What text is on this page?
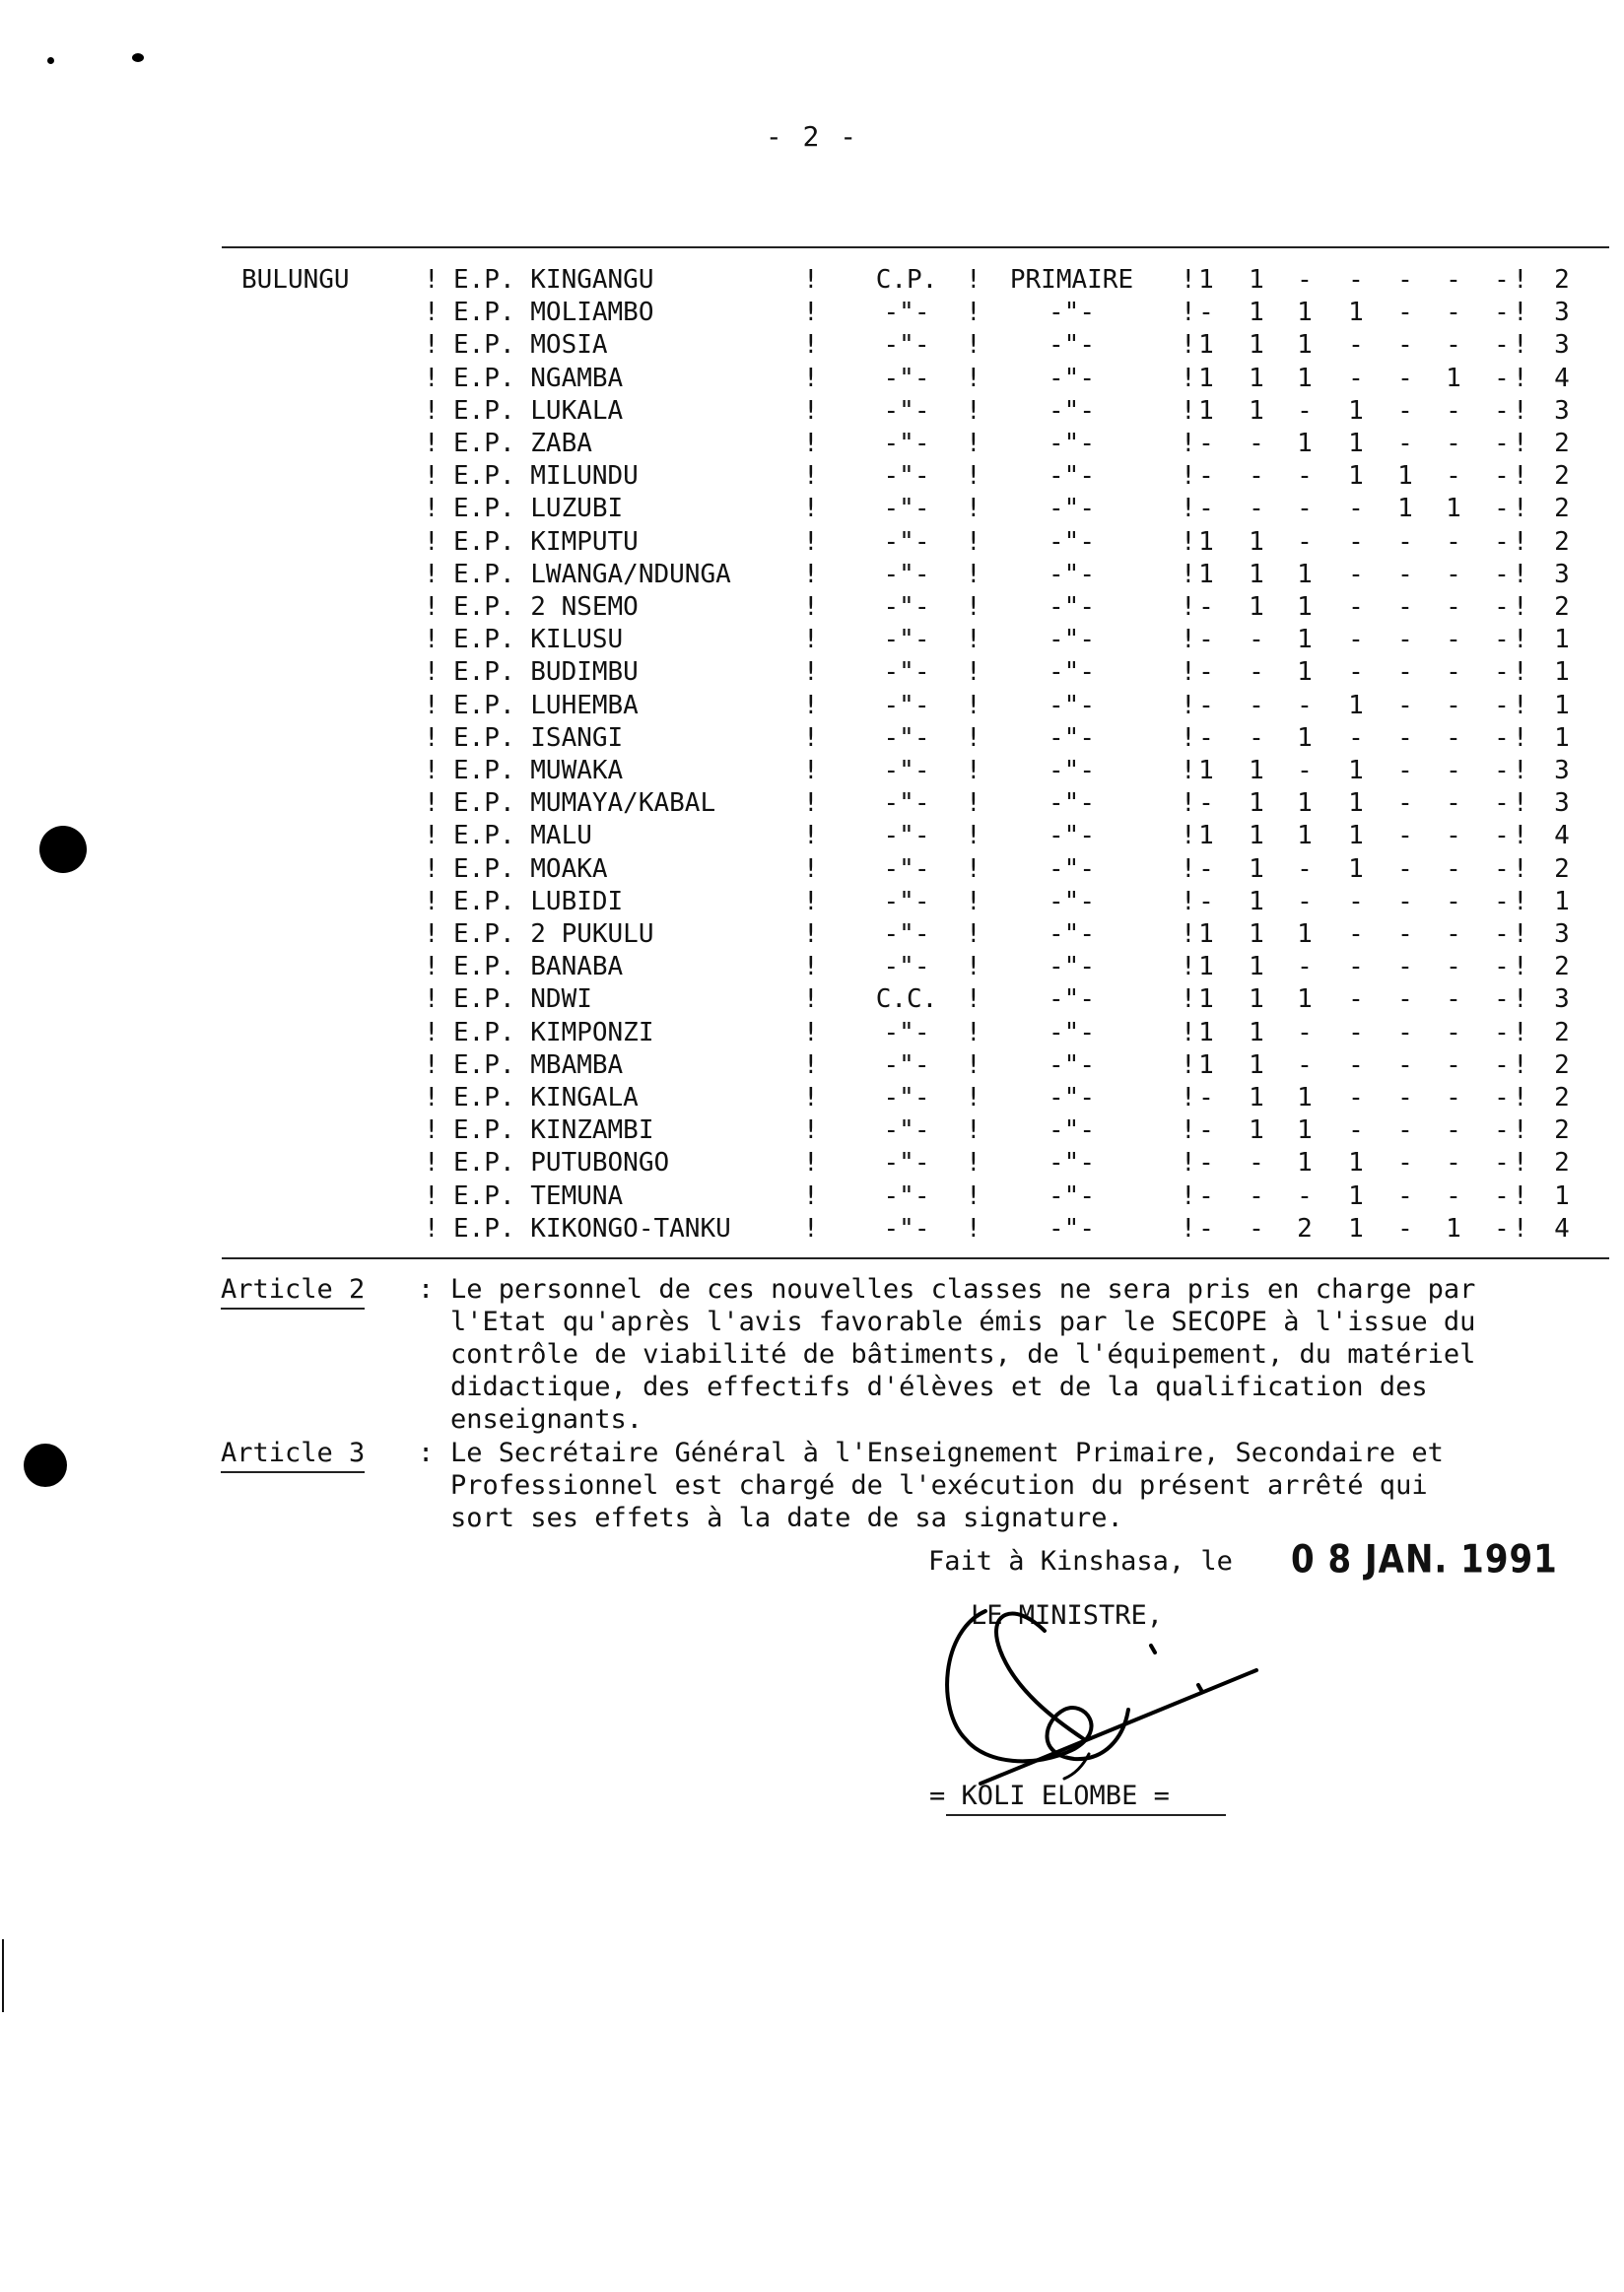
- 2 -
BULUNGU	!	!	!	!	!
E.P. KINGANGU	C.P.	PRIMAIRE	1 1 - - - - - 2
!	!	!	!	!
E.P. MOLIAMBO	-"-	-"-	- 1 1 1 - - - 3
!	!	!	!	!
E.P. MOSIA	-"-	-"-	1 1 1 - - - - 3
!	!	!	!	!
E.P. NGAMBA	-"-	-"-	1 1 1 - - 1 - 4
!	!	!	!	!
E.P. LUKALA	-"-	-"-	1 1 - 1 - - - 3
!	!	!	!	!
E.P. ZABA	-"-	-"-	- - 1 1 - - - 2
!	!	!	!	!
E.P. MILUNDU	-"-	-"-	- - - 1 1 - - 2
!	!	!	!	!
E.P. LUZUBI	-"-	-"-	- - - - 1 1 - 2
!	!	!	!	!
E.P. KIMPUTU	-"-	-"-	1 1 - - - - - 2
!	!	!	!	!
E.P. LWANGA/NDUNGA	-"-	-"-	1 1 1 - - - - 3
!	!	!	!	!
E.P. 2 NSEMO	-"-	-"-	- 1 1 - - - - 2
!	!	!	!	!
E.P. KILUSU	-"-	-"-	- - 1 - - - - 1
!	!	!	!	!
E.P. BUDIMBU	-"-	-"-	- - 1 - - - - 1
!	!	!	!	!
E.P. LUHEMBA	-"-	-"-	- - - 1 - - - 1
!	!	!	!	!
E.P. ISANGI	-"-	-"-	- - 1 - - - - 1
!	!	!	!	!
E.P. MUWAKA	-"-	-"-	1 1 - 1 - - - 3
!	!	!	!	!
E.P. MUMAYA/KABAL	-"-	-"-	- 1 1 1 - - - 3
!	!	!	!	!
E.P. MALU	-"-	-"-	1 1 1 1 - - - 4
!	!	!	!	!
E.P. MOAKA	-"-	-"-	- 1 - 1 - - - 2
!	!	!	!	!
E.P. LUBIDI	-"-	-"-	- 1 - - - - - 1
!	!	!	!	!
E.P. 2 PUKULU	-"-	-"-	1 1 1 - - - - 3
!	!	!	!	!
E.P. BANABA	-"-	-"-	1 1 - - - - - 2
!	!	!	!	!
E.P. NDWI	C.C.	-"-	1 1 1 - - - - 3
!	!	!	!	!
E.P. KIMPONZI	-"-	-"-	1 1 - - - - - 2
!	!	!	!	!
E.P. MBAMBA	-"-	-"-	1 1 - - - - - 2
!	!	!	!	!
E.P. KINGALA	-"-	-"-	- 1 1 - - - - 2
!	!	!	!	!
E.P. KINZAMBI	-"-	-"-	- 1 1 - - - - 2
!	!	!	!	!
E.P. PUTUBONGO	-"-	-"-	- - 1 1 - - - 2
!	!	!	!	!
E.P. TEMUNA	-"-	-"-	- - - 1 - - - 1
!	!	!	!	!
E.P. KIKONGO-TANKU	-"-	-"-	- - 2 1 - 1 - 4
Article 2 : Le personnel de ces nouvelles classes ne sera pris en charge par
l'Etat qu'après l'avis favorable émis par le SECOPE à l'issue du
contrôle de viabilité de bâtiments, de l'équipement, du matériel
didactique, des effectifs d'élèves et de la qualification des
enseignants.
Article 3 : Le Secrétaire Général à l'Enseignement Primaire, Secondaire et
Professionnel est chargé de l'exécution du présent arrêté qui
sort ses effets à la date de sa signature.
Fait à Kinshasa, le 0 8 JAN. 1991
LE MINISTRE,
= KOLI ELOMBE =
